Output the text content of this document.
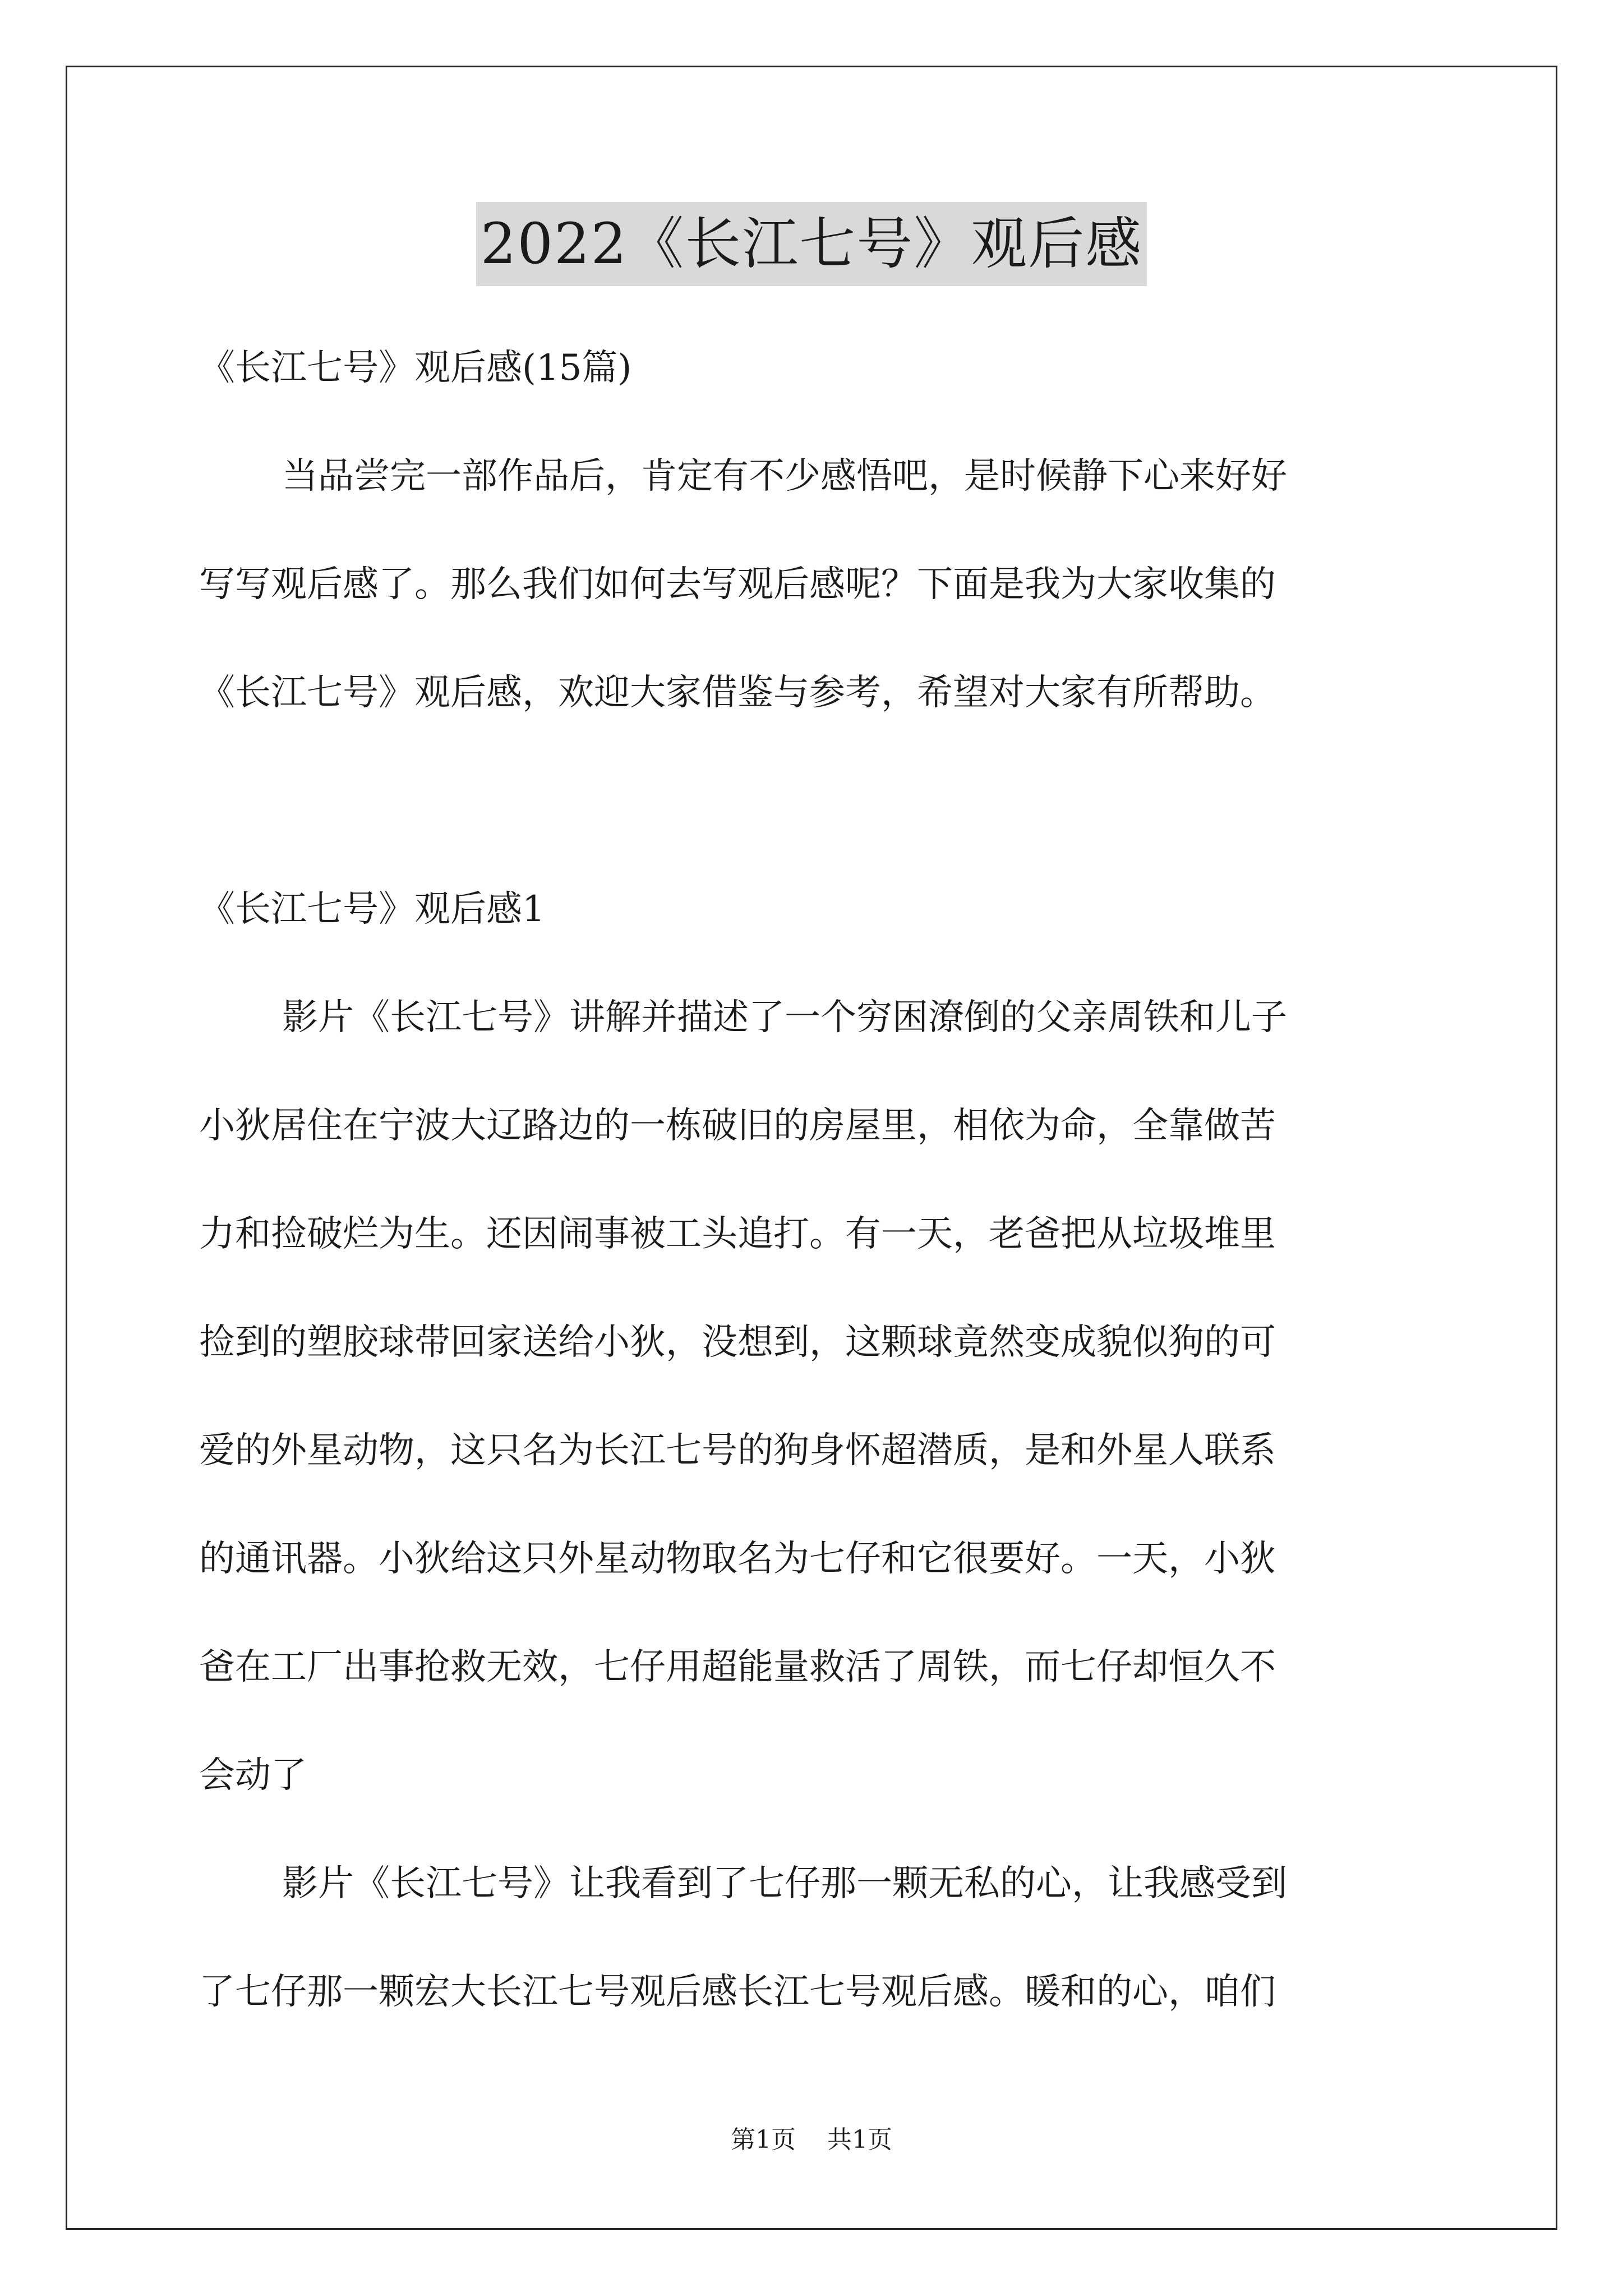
2022《长江七号》观后感
《长江七号》观后感(15篇)
当品尝完一部作品后，肯定有不少感悟吧，是时候静下心来好好
写写观后感了。那么我们如何去写观后感呢？下面是我为大家收集的
《长江七号》观后感，欢迎大家借鉴与参考，希望对大家有所帮助。
《长江七号》观后感1
影片《长江七号》讲解并描述了一个穷困潦倒的父亲周铁和儿子
小狄居住在宁波大辽路边的一栋破旧的房屋里，相依为命，全靠做苦
力和捡破烂为生。还因闹事被工头追打。有一天，老爸把从垃圾堆里
捡到的塑胶球带回家送给小狄，没想到，这颗球竟然变成貌似狗的可
爱的外星动物，这只名为长江七号的狗身怀超潜质，是和外星人联系
的通讯器。小狄给这只外星动物取名为七仔和它很要好。一天，小狄
爸在工厂出事抢救无效，七仔用超能量救活了周铁，而七仔却恒久不
会动了
影片《长江七号》让我看到了七仔那一颗无私的心，让我感受到
了七仔那一颗宏大长江七号观后感长江七号观后感。暖和的心，咱们
第1页 共1页
